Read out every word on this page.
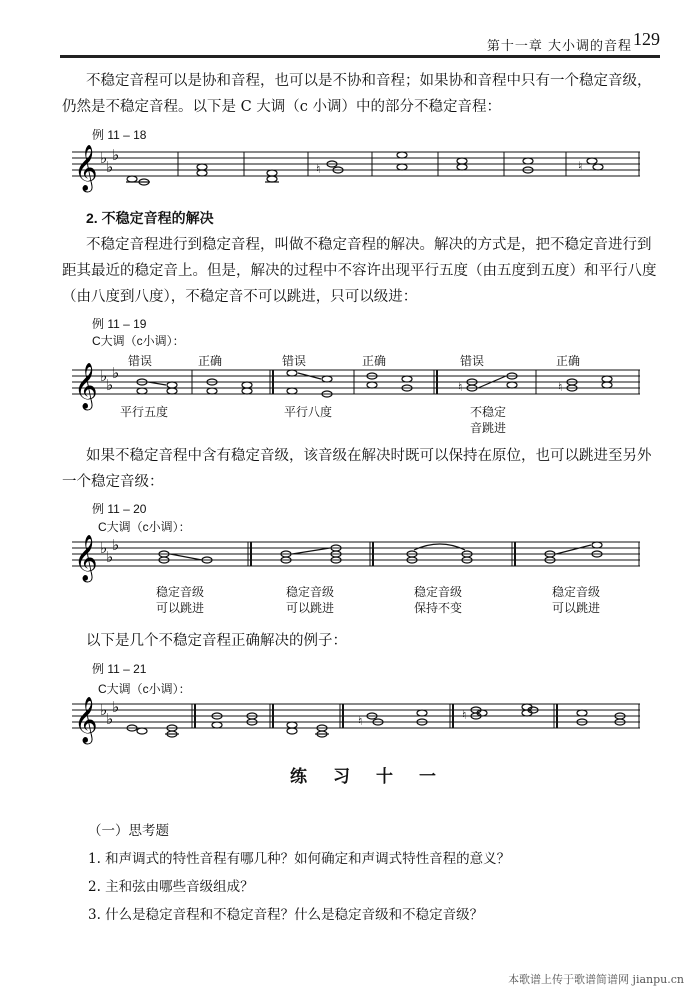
第十一章 大小调的音程 129
不稳定音程可以是协和音程，也可以是不协和音程；如果协和音程中只有一个稳定音级，
仍然是不稳定音程。以下是 C 大调（c 小调）中的部分不稳定音程：
例 11 – 18
𝄞 ♭
♭
♭
♮	♮
2. 不稳定音程的解决
不稳定音程进行到稳定音程，叫做不稳定音程的解决。解决的方式是，把不稳定音进行到
距其最近的稳定音上。但是，解决的过程中不容许出现平行五度（由五度到五度）和平行八度
（由八度到八度），不稳定音不可以跳进，只可以级进：
例 11 – 19
C大调（c小调）：
错误	正确	错误	正确	错误	正确
𝄞 ♭
♭
♭
♮	♮
平行五度	平行八度	不稳定
音跳进
如果不稳定音程中含有稳定音级，该音级在解决时既可以保持在原位，也可以跳进至另外
一个稳定音级：
例 11 – 20
C大调（c小调）：
𝄞 ♭
♭
♭
稳定音级
可以跳进
稳定音级
可以跳进
稳定音级
保持不变
稳定音级
可以跳进
以下是几个不稳定音程正确解决的例子：
例 11 – 21
C大调（c小调）：
𝄞 ♭
♭
♭
♮	♮
练习十一
（一）思考题
1. 和声调式的特性音程有哪几种？如何确定和声调式特性音程的意义？
2. 主和弦由哪些音级组成？
3. 什么是稳定音程和不稳定音程？什么是稳定音级和不稳定音级？
本歌谱上传于歌谱简谱网 jianpu.cn
